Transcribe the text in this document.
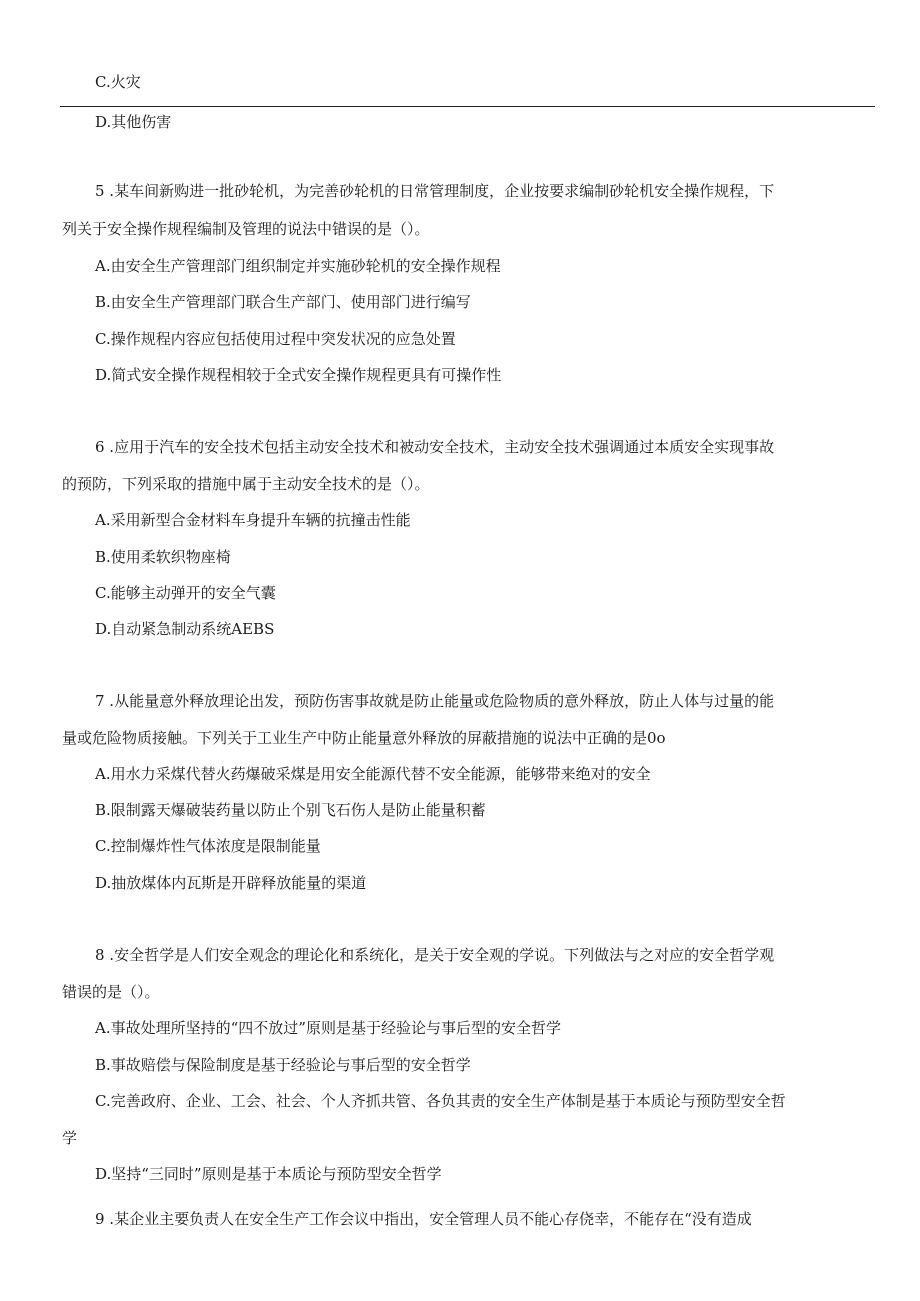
C.火灾
D.其他伤害
5 .某车间新购进一批砂轮机，为完善砂轮机的日常管理制度，企业按要求编制砂轮机安全操作规程，下
列关于安全操作规程编制及管理的说法中错误的是（）。
A.由安全生产管理部门组织制定并实施砂轮机的安全操作规程
B.由安全生产管理部门联合生产部门、使用部门进行编写
C.操作规程内容应包括使用过程中突发状况的应急处置
D.简式安全操作规程相较于全式安全操作规程更具有可操作性
6 .应用于汽车的安全技术包括主动安全技术和被动安全技术，主动安全技术强调通过本质安全实现事故
的预防，下列采取的措施中属于主动安全技术的是（）。
A.采用新型合金材料车身提升车辆的抗撞击性能
B.使用柔软织物座椅
C.能够主动弹开的安全气囊
D.自动紧急制动系统AEBS
7 .从能量意外释放理论出发，预防伤害事故就是防止能量或危险物质的意外释放，防止人体与过量的能
量或危险物质接触。下列关于工业生产中防止能量意外释放的屏蔽措施的说法中正确的是0o
A.用水力采煤代替火药爆破采煤是用安全能源代替不安全能源，能够带来绝对的安全
B.限制露天爆破装药量以防止个别飞石伤人是防止能量积蓄
C.控制爆炸性气体浓度是限制能量
D.抽放煤体内瓦斯是开辟释放能量的渠道
8 .安全哲学是人们安全观念的理论化和系统化，是关于安全观的学说。下列做法与之对应的安全哲学观
错误的是（）。
A.事故处理所坚持的“四不放过”原则是基于经验论与事后型的安全哲学
B.事故赔偿与保险制度是基于经验论与事后型的安全哲学
C.完善政府、企业、工会、社会、个人齐抓共管、各负其责的安全生产体制是基于本质论与预防型安全哲
学
D.坚持“三同时”原则是基于本质论与预防型安全哲学
9 .某企业主要负责人在安全生产工作会议中指出，安全管理人员不能心存侥幸，不能存在“没有造成
